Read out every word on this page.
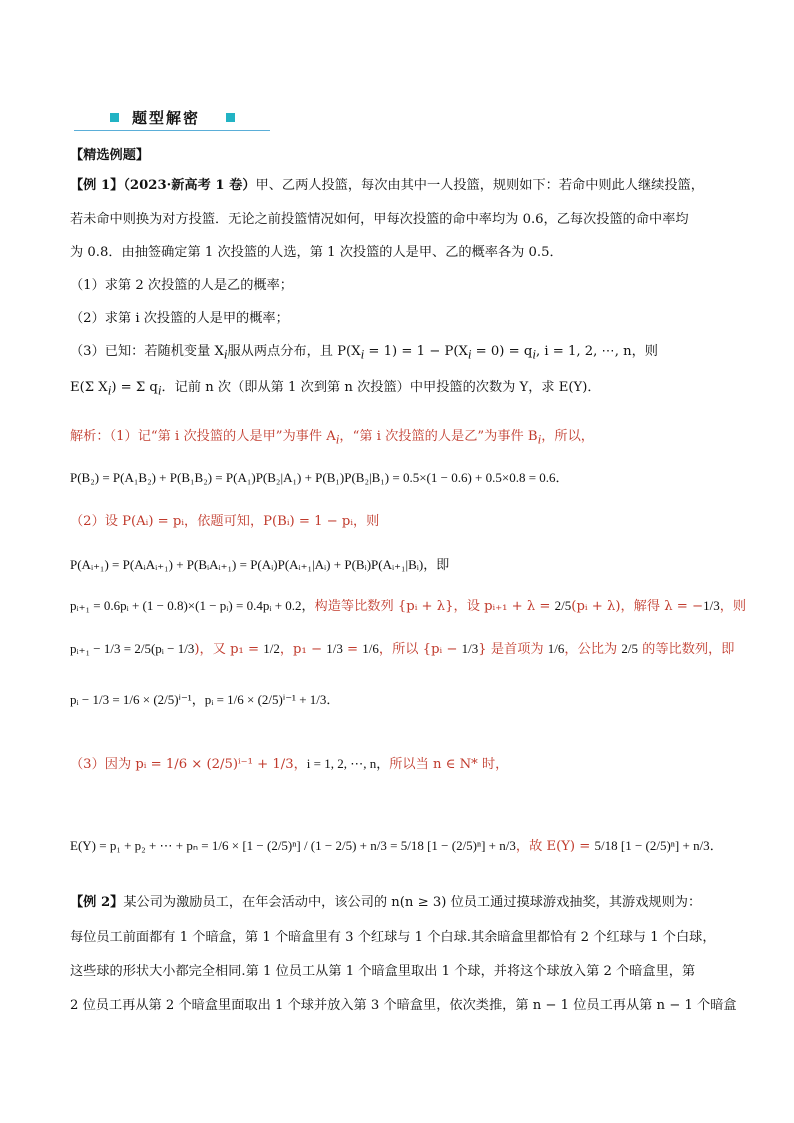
题型解密
【精选例题】
【例 1】（2023·新高考 1 卷）甲、乙两人投篮，每次由其中一人投篮，规则如下：若命中则此人继续投篮，
若未命中则换为对方投篮．无论之前投篮情况如何，甲每次投篮的命中率均为 0.6，乙每次投篮的命中率均
为 0.8．由抽签确定第 1 次投篮的人选，第 1 次投篮的人是甲、乙的概率各为 0.5．
（1）求第 2 次投篮的人是乙的概率；
（2）求第 i 次投篮的人是甲的概率；
（3）已知：若随机变量 $X_i$服从两点分布，且 $P(X_i = 1) = 1 - P(X_i = 0) = q_i$, i = 1, 2, ⋯, n，则
E(Σ $X_i) = \Sigma$ $q_i$．记前 n 次（即从第 1 次到第 n 次投篮）中甲投篮的次数为 Y，求 E(Y)．
解析：（1）记“第 i 次投篮的人是甲”为事件 $A_i$，“第 i 次投篮的人是乙”为事件 $B_i$，所以，
P(B₂) = P(A₁B₂) + P(B₁B₂) = P(A₁)P(B₂|A₁) + P(B₁)P(B₂|B₁) = 0.5×(1 − 0.6) + 0.5×0.8 = 0.6．
（2）设 P(Aᵢ) = pᵢ，依题可知，P(Bᵢ) = 1 − pᵢ，则
P(Aᵢ₊₁) = P(AᵢAᵢ₊₁) + P(BᵢAᵢ₊₁) = P(Aᵢ)P(Aᵢ₊₁|Aᵢ) + P(Bᵢ)P(Aᵢ₊₁|Bᵢ)，即
pᵢ₊₁ = 0.6pᵢ + (1 − 0.8)×(1 − pᵢ) = 0.4pᵢ + 0.2，构造等比数列 {pᵢ + λ}，设 pᵢ₊₁ + λ = 2/5(pᵢ + λ)，解得 λ = −1/3，则
pᵢ₊₁ − 1/3 = 2/5(pᵢ − 1/3)，又 p₁ = 1/2，p₁ − 1/3 = 1/6，所以 {pᵢ − 1/3} 是首项为 1/6，公比为 2/5 的等比数列，即
pᵢ − 1/3 = 1/6 × (2/5)ⁱ⁻¹，pᵢ = 1/6 × (2/5)ⁱ⁻¹ + 1/3．
（3）因为 pᵢ = 1/6 × (2/5)ⁱ⁻¹ + 1/3，i = 1, 2, ⋯, n，所以当 n ∈ N* 时，
E(Y) = p₁ + p₂ + ⋯ + pₙ = 1/6 × [1 − (2/5)ⁿ] / (1 − 2/5) + n/3 = 5/18 [1 − (2/5)ⁿ] + n/3，故 E(Y) = 5/18 [1 − (2/5)ⁿ] + n/3．
【例 2】某公司为激励员工，在年会活动中，该公司的 n(n ≥ 3) 位员工通过摸球游戏抽奖，其游戏规则为：
每位员工前面都有 1 个暗盒，第 1 个暗盒里有 3 个红球与 1 个白球.其余暗盒里都恰有 2 个红球与 1 个白球，
这些球的形状大小都完全相同.第 1 位员工从第 1 个暗盒里取出 1 个球，并将这个球放入第 2 个暗盒里，第
2 位员工再从第 2 个暗盒里面取出 1 个球并放入第 3 个暗盒里，依次类推，第 n − 1 位员工再从第 n − 1 个暗盒
